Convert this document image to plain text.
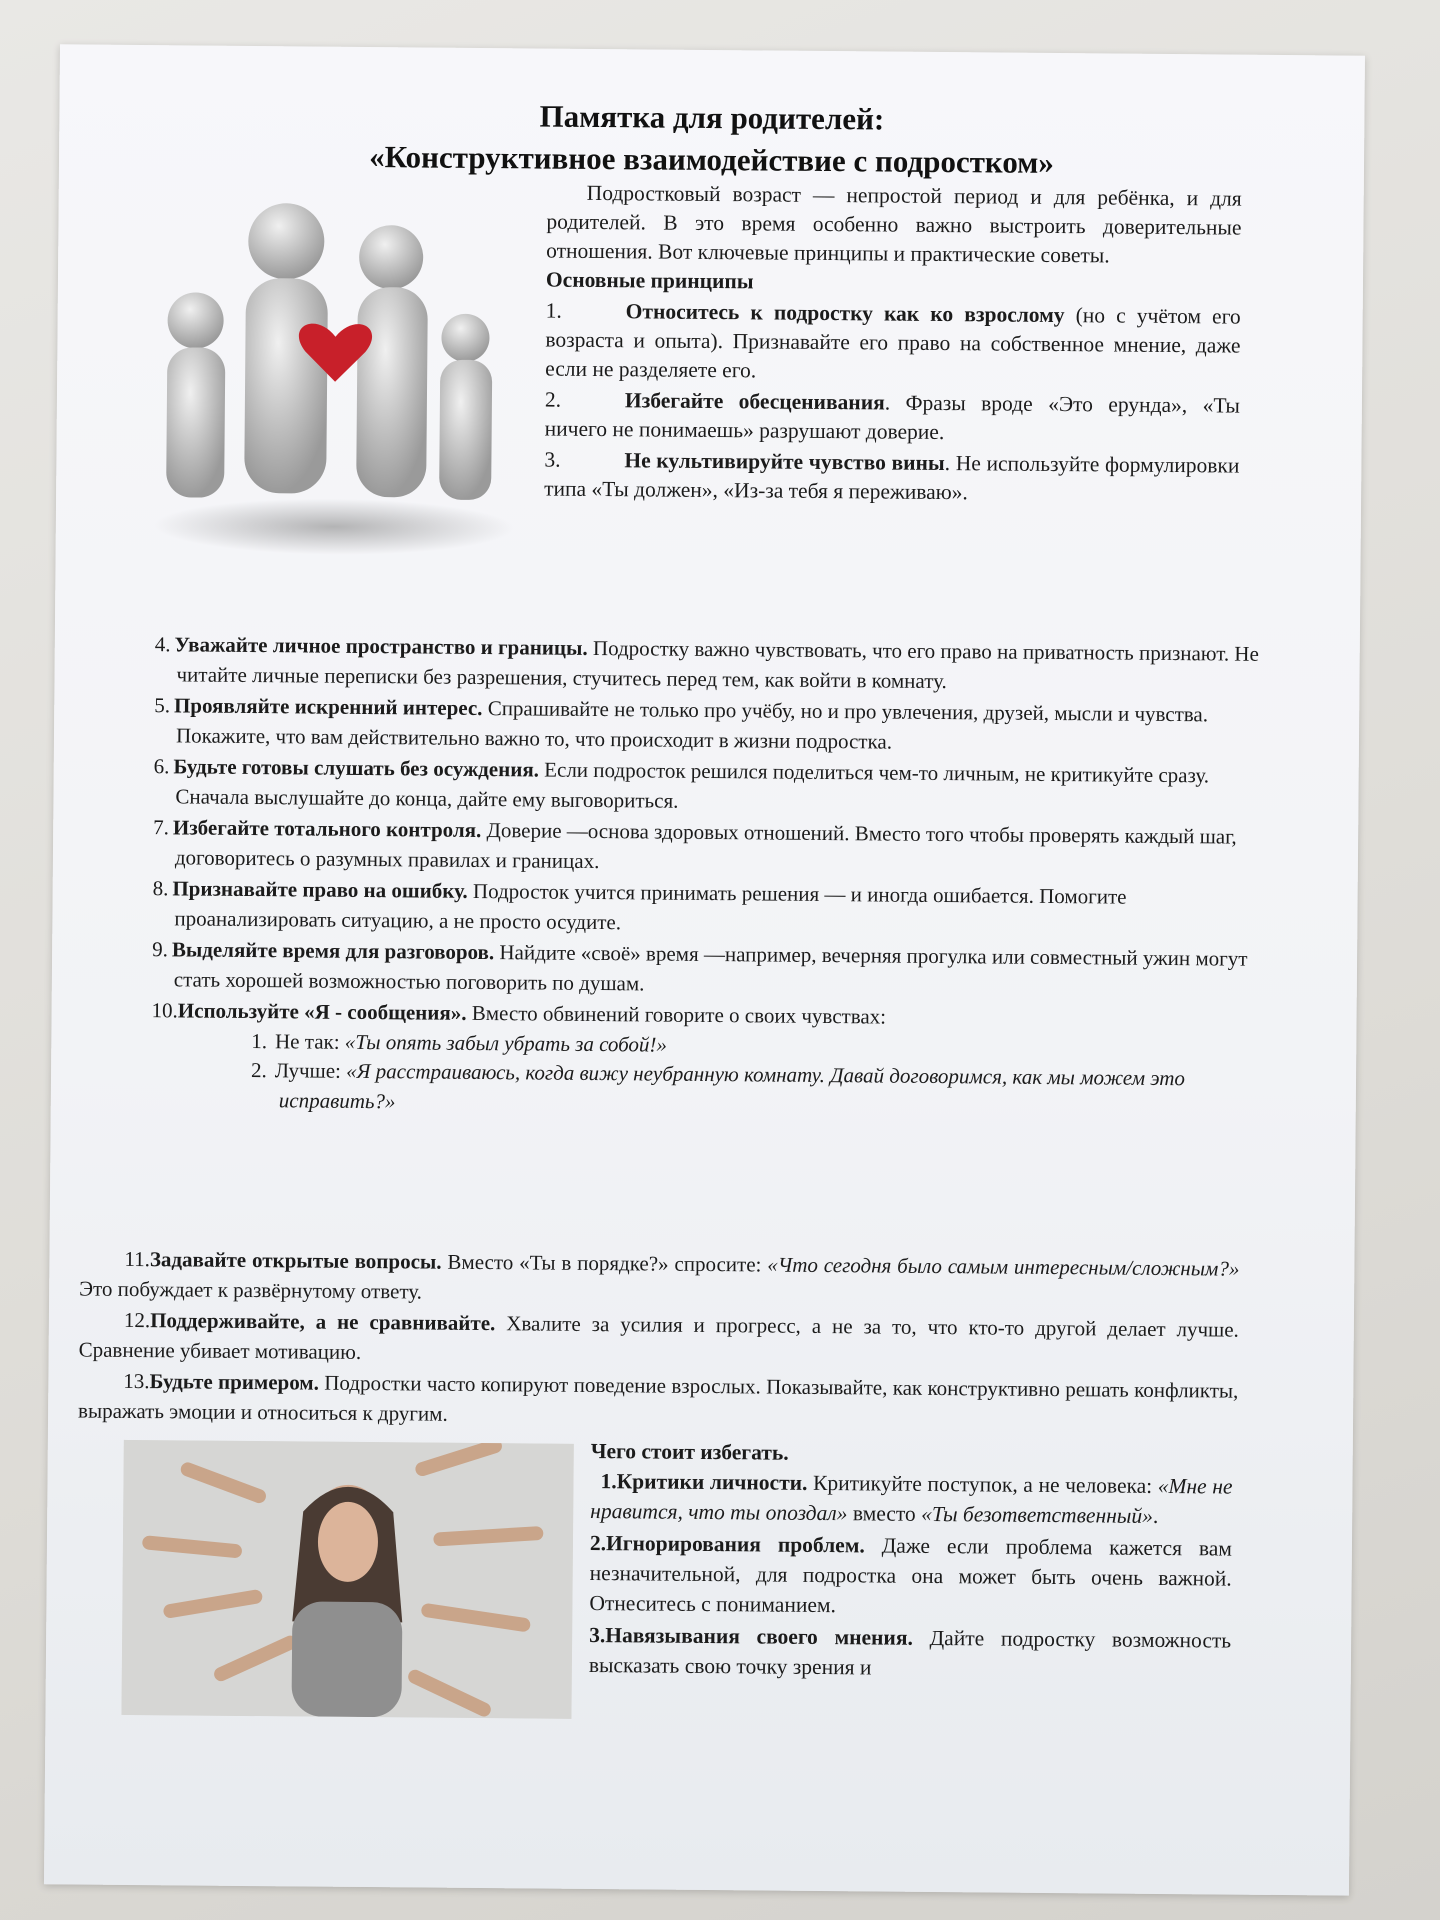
Памятка для родителей:
«Конструктивное взаимодействие с подростком»

Подростковый возраст — непростой период и для ребёнка, и для родителей. В это время особенно важно выстроить доверительные отношения. Вот ключевые принципы и практические советы.

Основные принципы

1.	Относитесь к подростку как ко взрослому (но с учётом его возраста и опыта). Признавайте его право на собственное мнение, даже если не разделяете его.

2.	Избегайте обесценивания. Фразы вроде «Это ерунда», «Ты ничего не понимаешь» разрушают доверие.

3.	Не культивируйте чувство вины. Не используйте формулировки типа «Ты должен», «Из-за тебя я переживаю».

4. Уважайте личное пространство и границы. Подростку важно чувствовать, что его право на приватность признают. Не читайте личные переписки без разрешения, стучитесь перед тем, как войти в комнату.
5. Проявляйте искренний интерес. Спрашивайте не только про учёбу, но и про увлечения, друзей, мысли и чувства. Покажите, что вам действительно важно то, что происходит в жизни подростка.
6. Будьте готовы слушать без осуждения. Если подросток решился поделиться чем-то личным, не критикуйте сразу. Сначала выслушайте до конца, дайте ему выговориться.
7. Избегайте тотального контроля. Доверие —основа здоровых отношений. Вместо того чтобы проверять каждый шаг, договоритесь о разумных правилах и границах.
8. Признавайте право на ошибку. Подросток учится принимать решения — и иногда ошибается. Помогите проанализировать ситуацию, а не просто осудите.
9. Выделяйте время для разговоров. Найдите «своё» время —например, вечерняя прогулка или совместный ужин могут стать хорошей возможностью поговорить по душам.
10.Используйте «Я - сообщения». Вместо обвинений говорите о своих чувствах:
1. Не так: «Ты опять забыл убрать за собой!»
2. Лучше: «Я расстраиваюсь, когда вижу неубранную комнату. Давай договоримся, как мы можем это исправить?»

11.Задавайте открытые вопросы. Вместо «Ты в порядке?» спросите: «Что сегодня было самым интересным/сложным?» Это побуждает к развёрнутому ответу.

12.Поддерживайте, а не сравнивайте. Хвалите за усилия и прогресс, а не за то, что кто-то другой делает лучше. Сравнение убивает мотивацию.

13.Будьте примером. Подростки часто копируют поведение взрослых. Показывайте, как конструктивно решать конфликты, выражать эмоции и относиться к другим.

Чего стоит избегать.

1.Критики личности. Критикуйте поступок, а не человека: «Мне не нравится, что ты опоздал» вместо «Ты безответственный».

2.Игнорирования проблем. Даже если проблема кажется вам незначительной, для подростка она может быть очень важной. Отнеситесь с пониманием.

3.Навязывания своего мнения. Дайте подростку возможность высказать свою точку зрения и
